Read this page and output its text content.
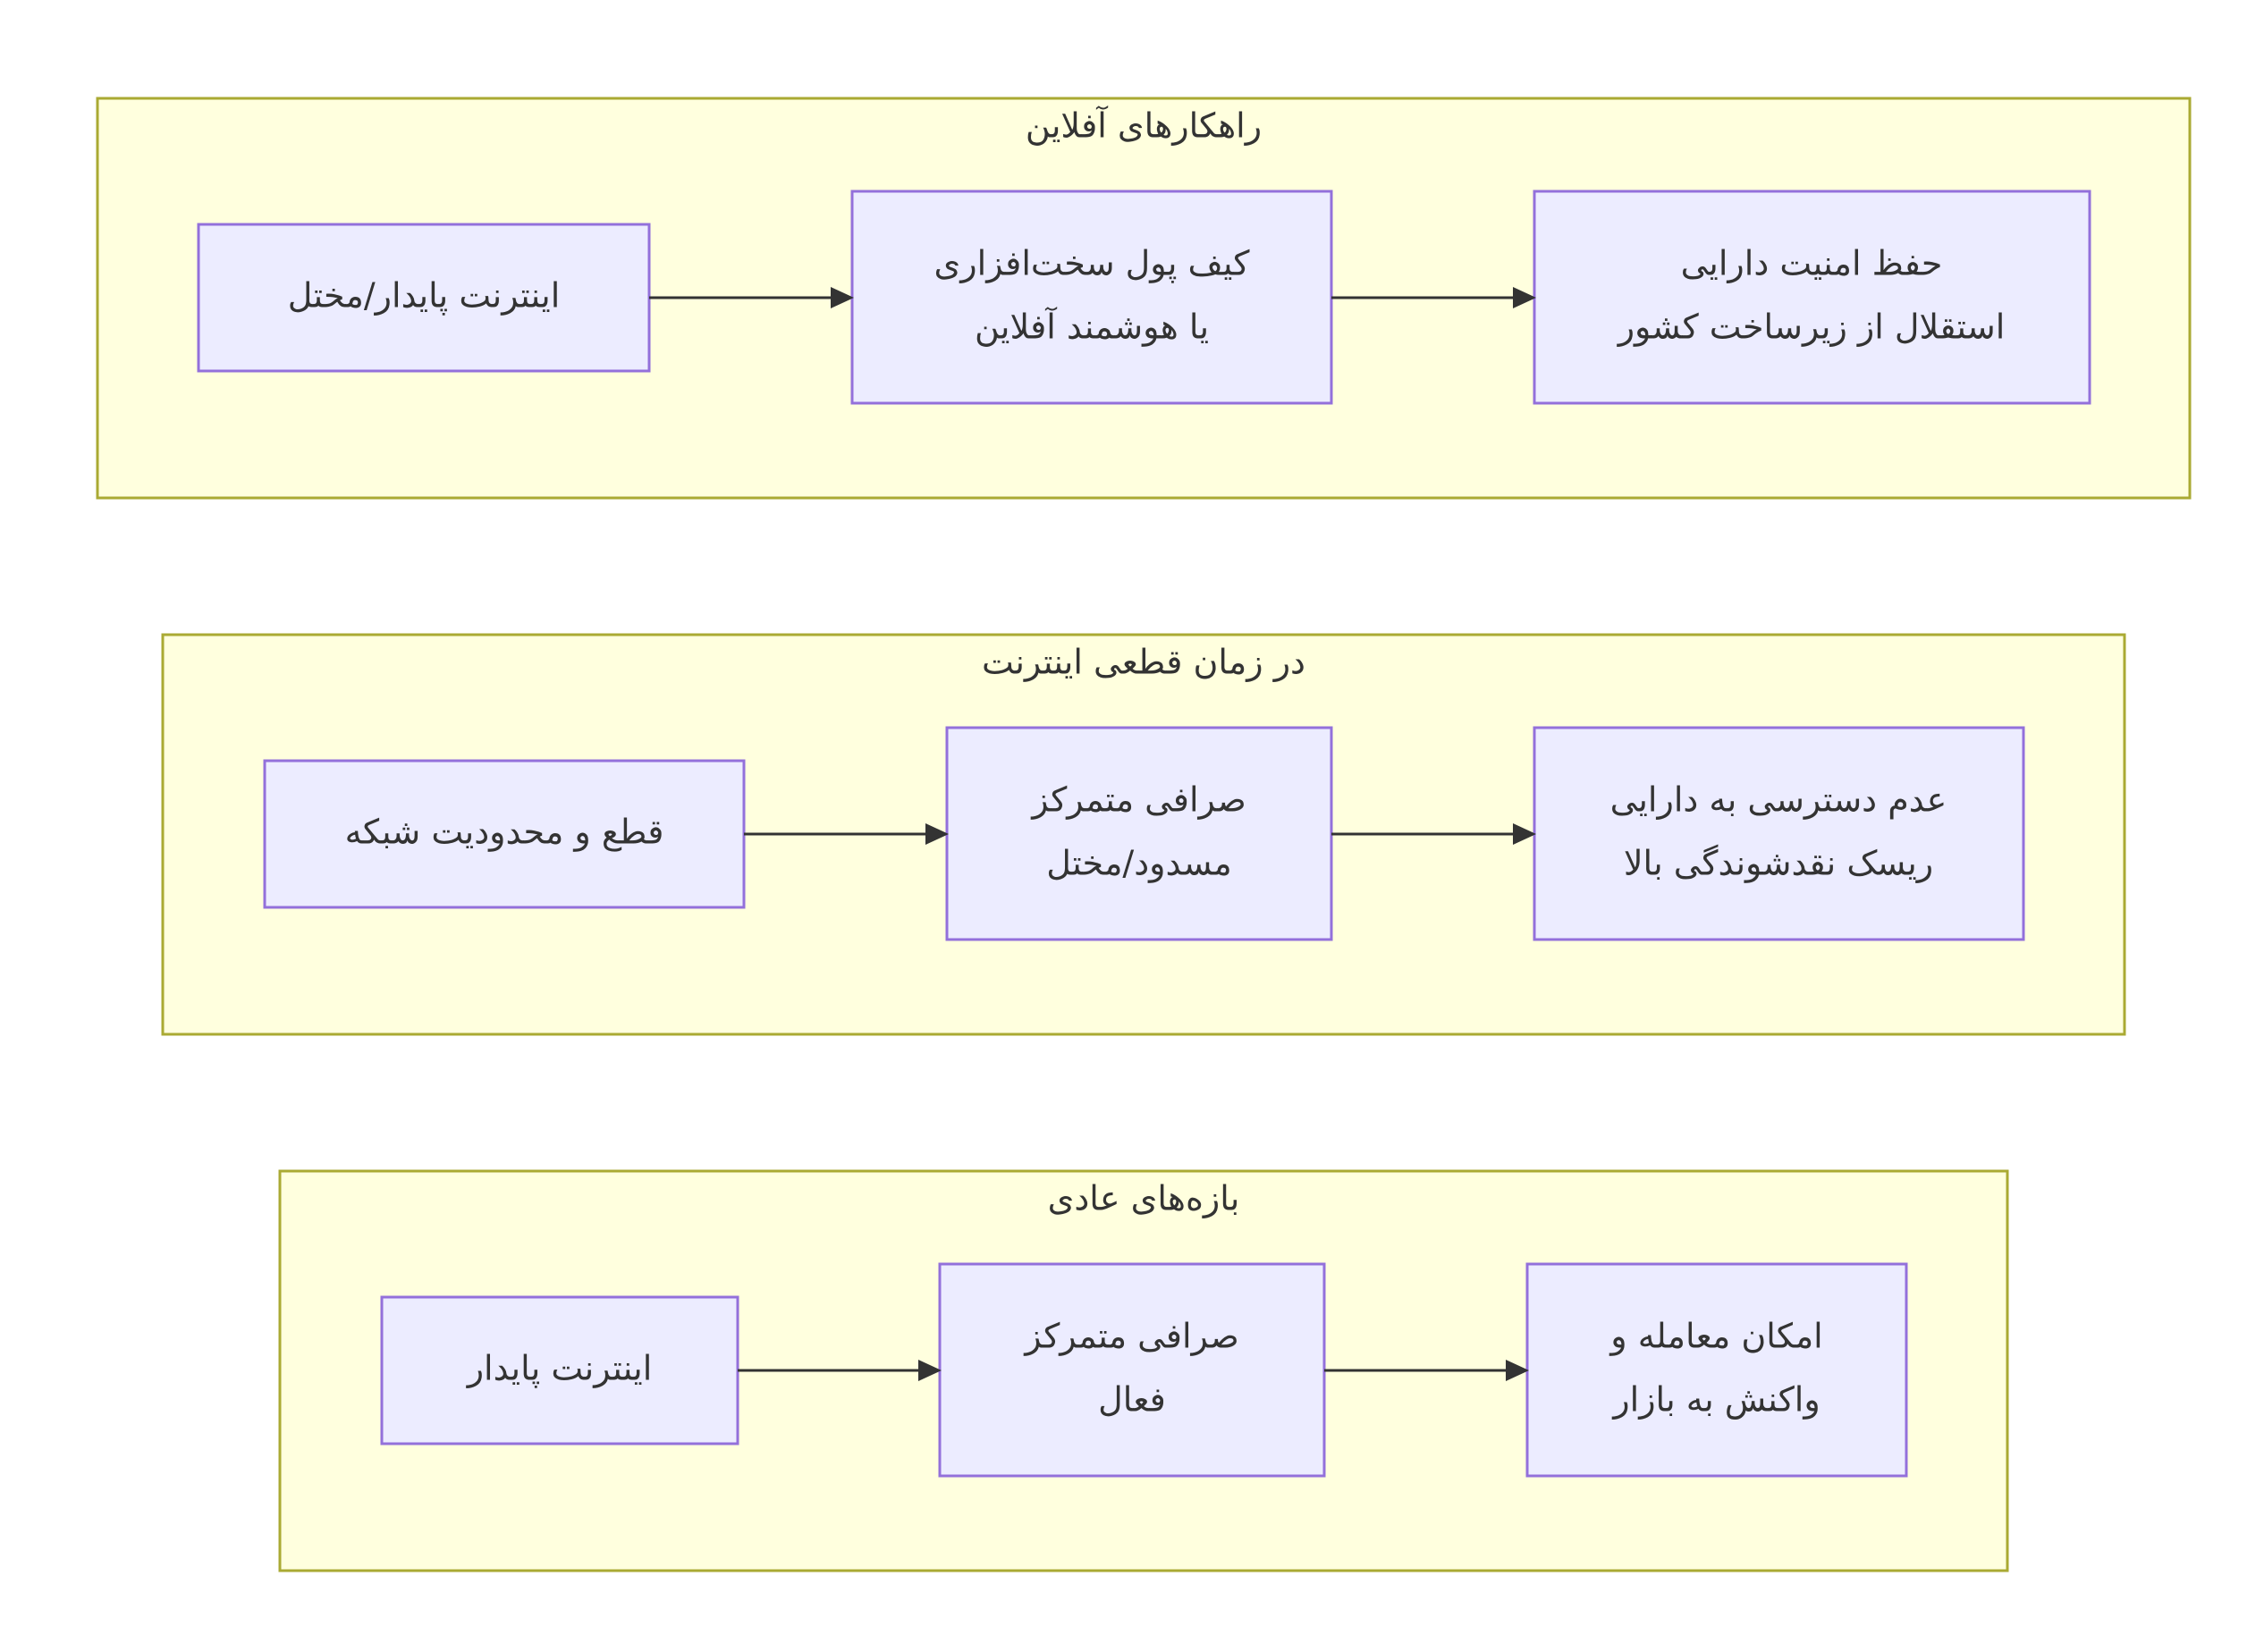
راهکارهای آفلاین
اینترنت پایدار/مختل
کیف پول سخت‌افزاری
یا هوشمند آفلاین
حفظ امنیت دارایی
استقلال از زیرساخت کشور
در زمان قطعی اینترنت
قطع و محدودیت شبکه
صرافی متمرکز
مسدود/مختل
عدم دسترسی به دارایی
ریسک نقدشوندگی بالا
بازه‌های عادی
اینترنت پایدار
صرافی متمرکز
فعال
امکان معامله و
واکنش به بازار
